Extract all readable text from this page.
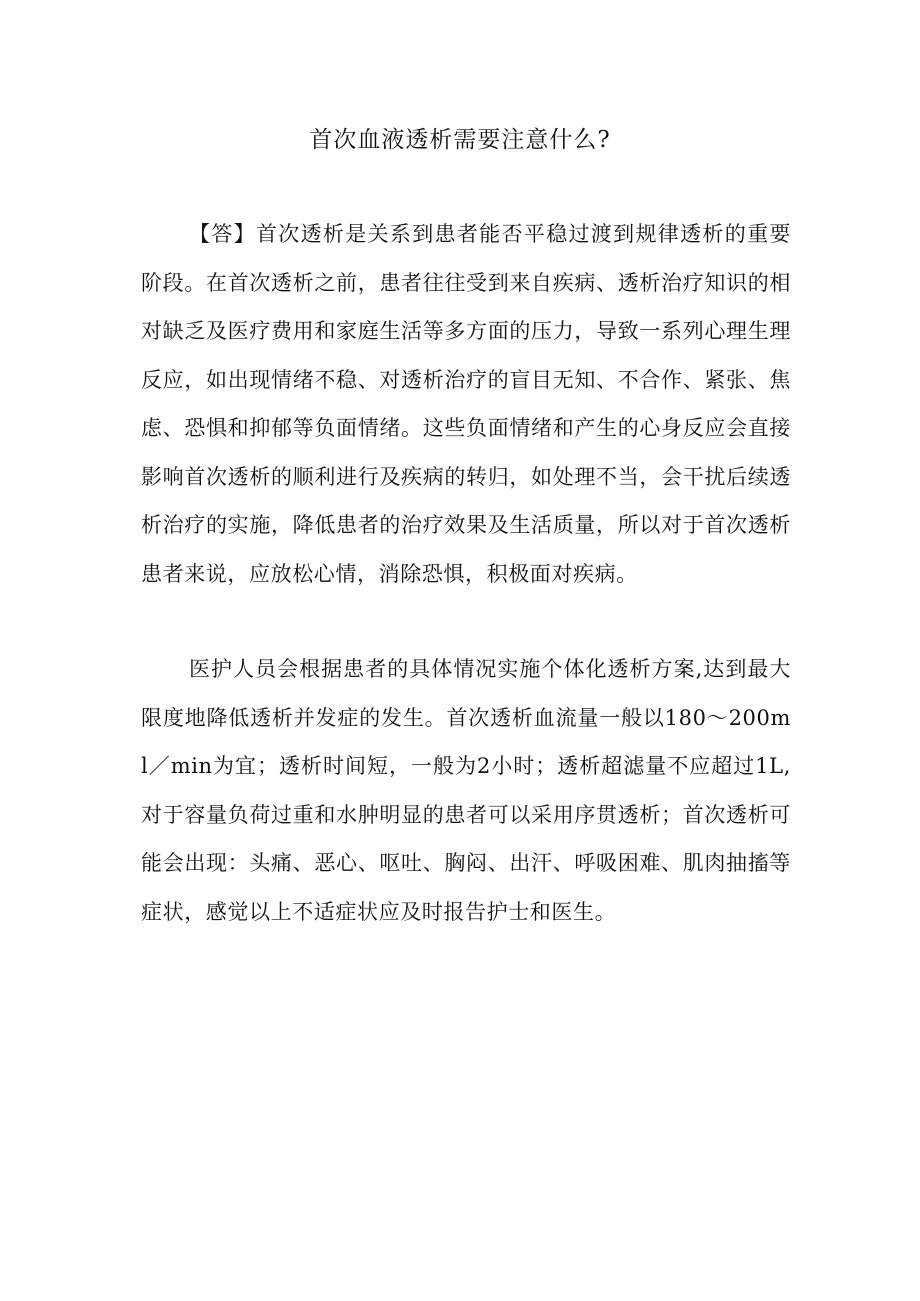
首次血液透析需要注意什么?

【答】首次透析是关系到患者能否平稳过渡到规律透析的重要阶段。在首次透析之前，患者往往受到来自疾病、透析治疗知识的相对缺乏及医疗费用和家庭生活等多方面的压力，导致一系列心理生理反应，如出现情绪不稳、对透析治疗的盲目无知、不合作、紧张、焦虑、恐惧和抑郁等负面情绪。这些负面情绪和产生的心身反应会直接影响首次透析的顺利进行及疾病的转归，如处理不当，会干扰后续透析治疗的实施，降低患者的治疗效果及生活质量，所以对于首次透析患者来说，应放松心情，消除恐惧，积极面对疾病。

医护人员会根据患者的具体情况实施个体化透析方案,达到最大限度地降低透析并发症的发生。首次透析血流量一般以180～200ml／min为宜；透析时间短，一般为2小时；透析超滤量不应超过1L,对于容量负荷过重和水肿明显的患者可以采用序贯透析；首次透析可能会出现：头痛、恶心、呕吐、胸闷、出汗、呼吸困难、肌肉抽搐等症状，感觉以上不适症状应及时报告护士和医生。
